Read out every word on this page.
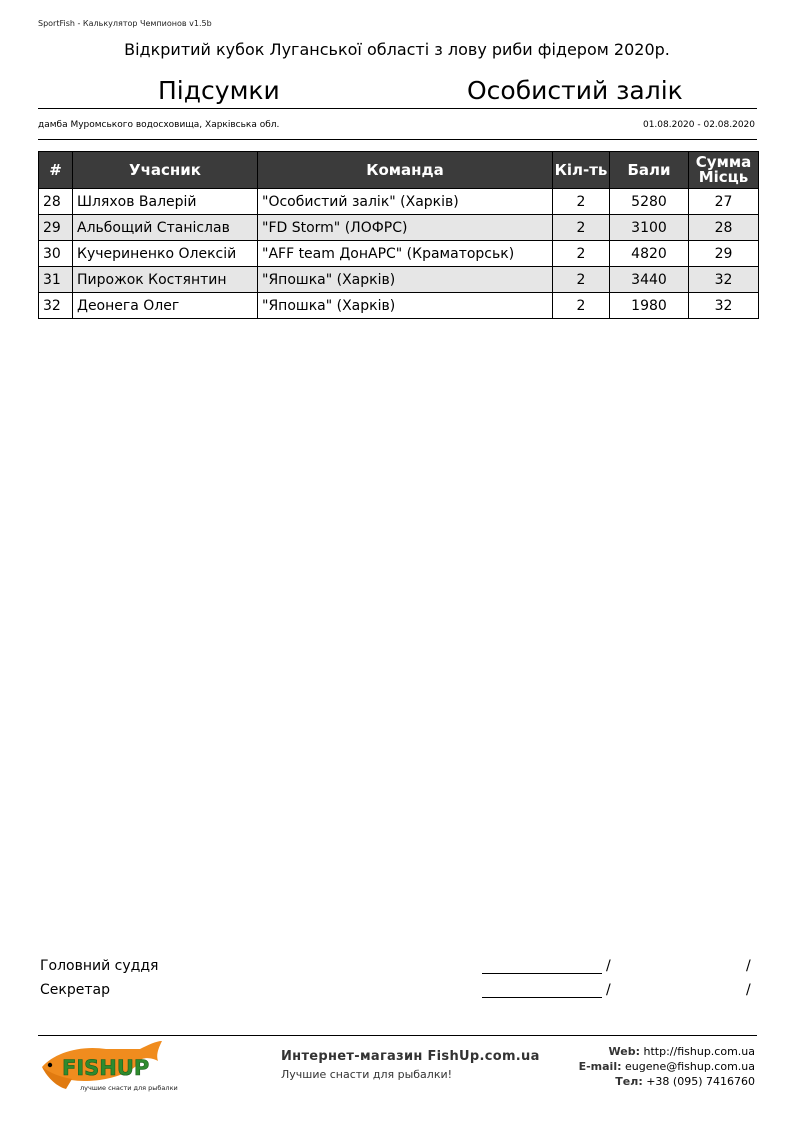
SportFish - Калькулятор Чемпионов v1.5b
Відкритий кубок Луганської області з лову риби фідером 2020р.
Підсумки	Особистий залік
дамба Муромського водосховища, Харківська обл.	01.08.2020 - 02.08.2020
#	Учасник	Команда	Кіл-ть	Бали	Сумма
Місць
28	Шляхов Валерій	"Особистий залік" (Харків)	2	5280	27
29	Альбощий Станіслав	"FD Storm" (ЛОФРС)	2	3100	28
30	Кучериненко Олексій	"AFF team ДонАРС" (Краматорськ)	2	4820	29
31	Пирожок Костянтин	"Япошка" (Харків)	2	3440	32
32	Деонега Олег	"Япошка" (Харків)	2	1980	32
Головний суддя	/	/
Секретар	/	/
FISHUP
лучшие снасти для рыбалки
Интернет-магазин FishUp.com.ua
Лучшие снасти для рыбалки!
Web: http://fishup.com.ua
E-mail: eugene@fishup.com.ua
Тел: +38 (095) 7416760
